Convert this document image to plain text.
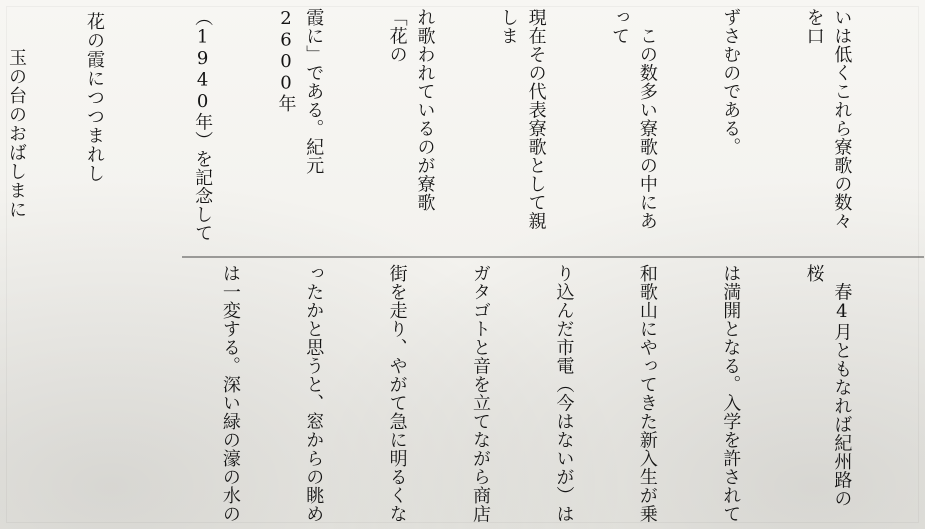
いは低くこれら寮歌の数々を口

ずさむのである。

　この数多い寮歌の中にあって

現在その代表寮歌として親しま

れ歌われているのが寮歌「花の

霞に」である。紀元2600年

（1940年）を記念して

花の霞につつまれし

玉の台のおばしまに

　春4月ともなれば紀州路の桜

は満開となる。入学を許されて

和歌山にやってきた新入生が乗

り込んだ市電（今はないが）は

ガタゴトと音を立てながら商店

街を走り、やがて急に明るくな

ったかと思うと、窓からの眺め

は一変する。深い緑の濠の水の
